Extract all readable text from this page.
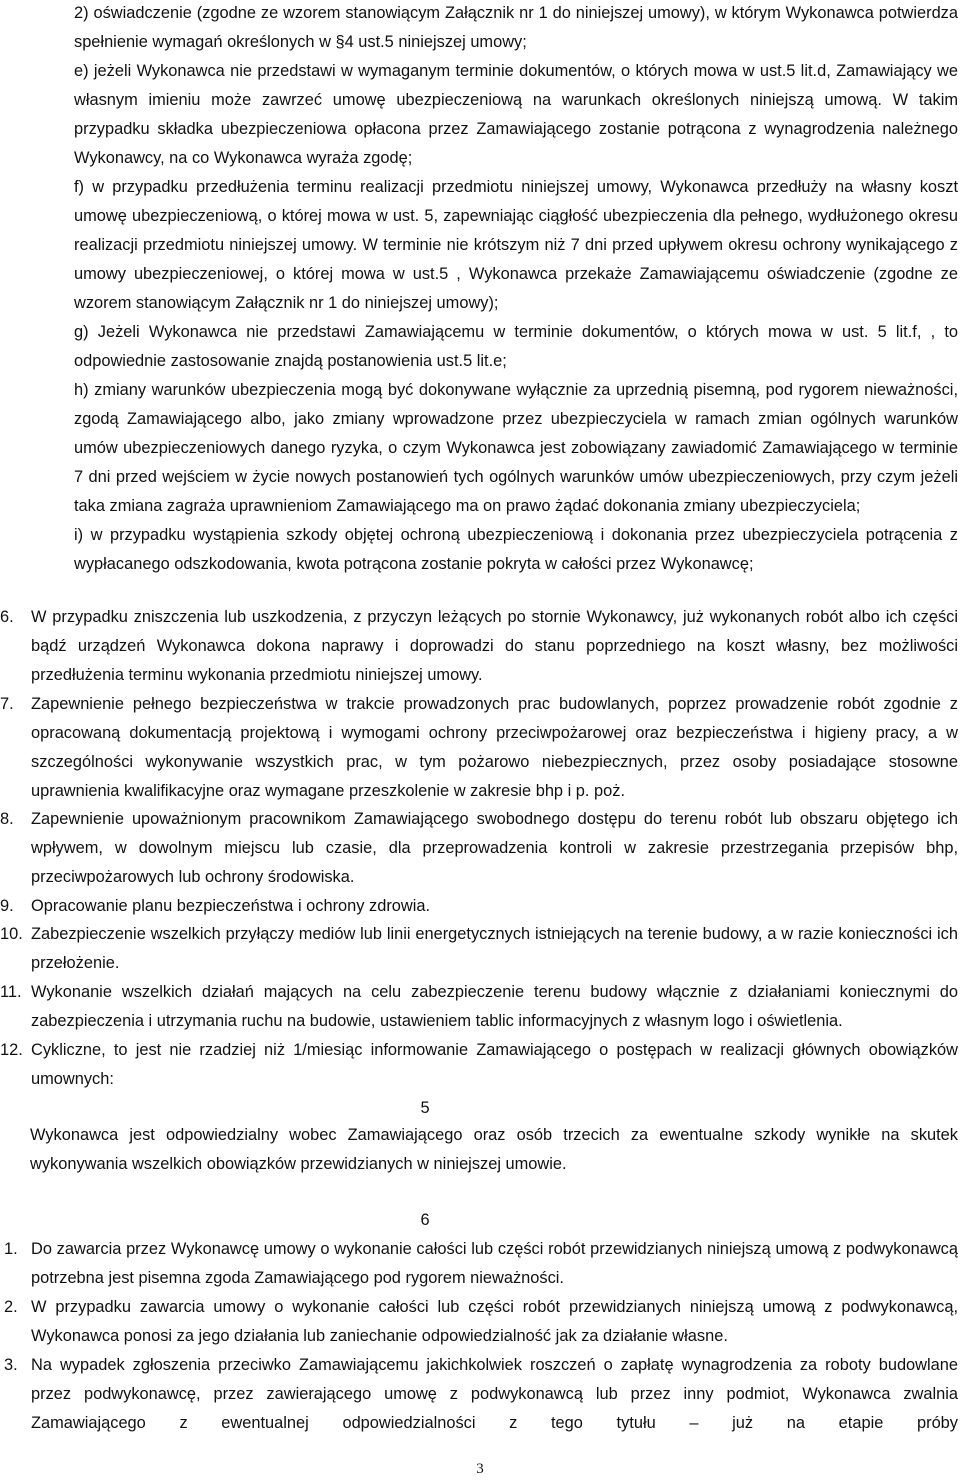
2) oświadczenie (zgodne ze wzorem stanowiącym Załącznik nr 1 do niniejszej umowy), w którym Wykonawca potwierdza spełnienie wymagań określonych w §4 ust.5 niniejszej umowy;

e) jeżeli Wykonawca nie przedstawi w wymaganym terminie dokumentów, o których mowa w ust.5 lit.d, Zamawiający we własnym imieniu może zawrzeć umowę ubezpieczeniową na warunkach określonych niniejszą umową. W takim przypadku składka ubezpieczeniowa opłacona przez Zamawiającego zostanie potrącona z wynagrodzenia należnego Wykonawcy, na co Wykonawca wyraża zgodę;

f) w przypadku przedłużenia terminu realizacji przedmiotu niniejszej umowy, Wykonawca przedłuży na własny koszt umowę ubezpieczeniową, o której mowa w ust. 5, zapewniając ciągłość ubezpieczenia dla pełnego, wydłużonego okresu realizacji przedmiotu niniejszej umowy. W terminie nie krótszym niż 7 dni przed upływem okresu ochrony wynikającego z umowy ubezpieczeniowej, o której mowa w ust.5 , Wykonawca przekaże Zamawiającemu oświadczenie (zgodne ze wzorem stanowiącym Załącznik nr 1 do niniejszej umowy);

g) Jeżeli Wykonawca nie przedstawi Zamawiającemu w terminie dokumentów, o których mowa w ust. 5 lit.f, , to odpowiednie zastosowanie znajdą postanowienia ust.5 lit.e;

h) zmiany warunków ubezpieczenia mogą być dokonywane wyłącznie za uprzednią pisemną, pod rygorem nieważności, zgodą Zamawiającego albo, jako zmiany wprowadzone przez ubezpieczyciela w ramach zmian ogólnych warunków umów ubezpieczeniowych danego ryzyka, o czym Wykonawca jest zobowiązany zawiadomić Zamawiającego w terminie 7 dni przed wejściem w życie nowych postanowień tych ogólnych warunków umów ubezpieczeniowych, przy czym jeżeli taka zmiana zagraża uprawnieniom Zamawiającego ma on prawo żądać dokonania zmiany ubezpieczyciela;

i) w przypadku wystąpienia szkody objętej ochroną ubezpieczeniową i dokonania przez ubezpieczyciela potrącenia z wypłacanego odszkodowania, kwota potrącona zostanie pokryta w całości przez Wykonawcę;

6.	W przypadku zniszczenia lub uszkodzenia, z przyczyn leżących po stornie Wykonawcy, już wykonanych robót albo ich części bądź urządzeń Wykonawca dokona naprawy i doprowadzi do stanu poprzedniego na koszt własny, bez możliwości przedłużenia terminu wykonania przedmiotu niniejszej umowy.
7.	Zapewnienie pełnego bezpieczeństwa w trakcie prowadzonych prac budowlanych, poprzez prowadzenie robót zgodnie z opracowaną dokumentacją projektową i wymogami ochrony przeciwpożarowej oraz bezpieczeństwa i higieny pracy, a w szczególności wykonywanie wszystkich prac, w tym pożarowo niebezpiecznych, przez osoby posiadające stosowne uprawnienia kwalifikacyjne oraz wymagane przeszkolenie w zakresie bhp i p. poż.
8.	Zapewnienie upoważnionym pracownikom Zamawiającego swobodnego dostępu do terenu robót lub obszaru objętego ich wpływem, w dowolnym miejscu lub czasie, dla przeprowadzenia kontroli w zakresie przestrzegania przepisów bhp, przeciwpożarowych lub ochrony środowiska.
9.	Opracowanie planu bezpieczeństwa i ochrony zdrowia.
10. Zabezpieczenie wszelkich przyłączy mediów lub linii energetycznych istniejących na terenie budowy, a w razie konieczności ich przełożenie.
11. Wykonanie wszelkich działań mających na celu zabezpieczenie terenu budowy włącznie z działaniami koniecznymi do zabezpieczenia i utrzymania ruchu na budowie, ustawieniem tablic informacyjnych z własnym logo i oświetlenia.
12. Cykliczne, to jest nie rzadziej niż 1/miesiąc informowanie Zamawiającego o postępach w realizacji głównych obowiązków umownych:
5
Wykonawca jest odpowiedzialny wobec Zamawiającego oraz osób trzecich za ewentualne szkody wynikłe na skutek wykonywania wszelkich obowiązków przewidzianych w niniejszej umowie.
6
1. Do zawarcia przez Wykonawcę umowy o wykonanie całości lub części robót przewidzianych niniejszą umową z podwykonawcą potrzebna jest pisemna zgoda Zamawiającego pod rygorem nieważności.
2. W przypadku zawarcia umowy o wykonanie całości lub części robót przewidzianych niniejszą umową z podwykonawcą, Wykonawca ponosi za jego działania lub zaniechanie odpowiedzialność jak za działanie własne.
3. Na wypadek zgłoszenia przeciwko Zamawiającemu jakichkolwiek roszczeń o zapłatę wynagrodzenia za roboty budowlane przez podwykonawcę, przez zawierającego umowę z podwykonawcą lub przez inny podmiot, Wykonawca zwalnia Zamawiającego z ewentualnej odpowiedzialności z tego tytułu – już na etapie próby
3
